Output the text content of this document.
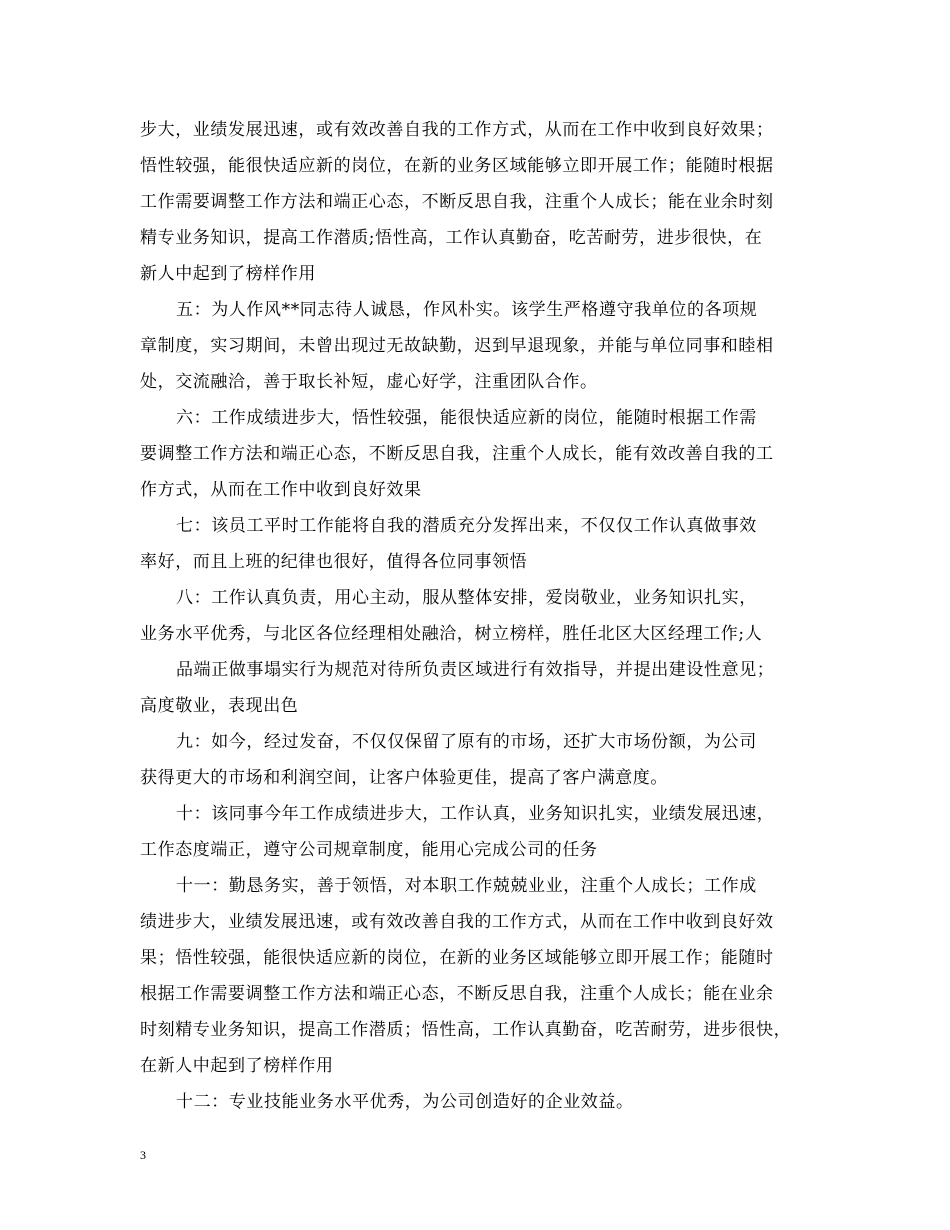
步大，业绩发展迅速，或有效改善自我的工作方式，从而在工作中收到良好效果；
悟性较强，能很快适应新的岗位，在新的业务区域能够立即开展工作；能随时根据
工作需要调整工作方法和端正心态，不断反思自我，注重个人成长；能在业余时刻
精专业务知识，提高工作潜质;悟性高，工作认真勤奋，吃苦耐劳，进步很快，在
新人中起到了榜样作用
五：为人作风**同志待人诚恳，作风朴实。该学生严格遵守我单位的各项规
章制度，实习期间，未曾出现过无故缺勤，迟到早退现象，并能与单位同事和睦相
处，交流融洽，善于取长补短，虚心好学，注重团队合作。
六：工作成绩进步大，悟性较强，能很快适应新的岗位，能随时根据工作需
要调整工作方法和端正心态，不断反思自我，注重个人成长，能有效改善自我的工
作方式，从而在工作中收到良好效果
七：该员工平时工作能将自我的潜质充分发挥出来，不仅仅工作认真做事效
率好，而且上班的纪律也很好，值得各位同事领悟
八：工作认真负责，用心主动，服从整体安排，爱岗敬业，业务知识扎实，
业务水平优秀，与北区各位经理相处融洽，树立榜样，胜任北区大区经理工作;人
品端正做事塌实行为规范对待所负责区域进行有效指导，并提出建设性意见；
高度敬业，表现出色
九：如今，经过发奋，不仅仅保留了原有的市场，还扩大市场份额，为公司
获得更大的市场和利润空间，让客户体验更佳，提高了客户满意度。
十：该同事今年工作成绩进步大，工作认真，业务知识扎实，业绩发展迅速，
工作态度端正，遵守公司规章制度，能用心完成公司的任务
十一：勤恳务实，善于领悟，对本职工作兢兢业业，注重个人成长；工作成
绩进步大，业绩发展迅速，或有效改善自我的工作方式，从而在工作中收到良好效
果；悟性较强，能很快适应新的岗位，在新的业务区域能够立即开展工作；能随时
根据工作需要调整工作方法和端正心态，不断反思自我，注重个人成长；能在业余
时刻精专业务知识，提高工作潜质；悟性高，工作认真勤奋，吃苦耐劳，进步很快，
在新人中起到了榜样作用
十二：专业技能业务水平优秀，为公司创造好的企业效益。
3
